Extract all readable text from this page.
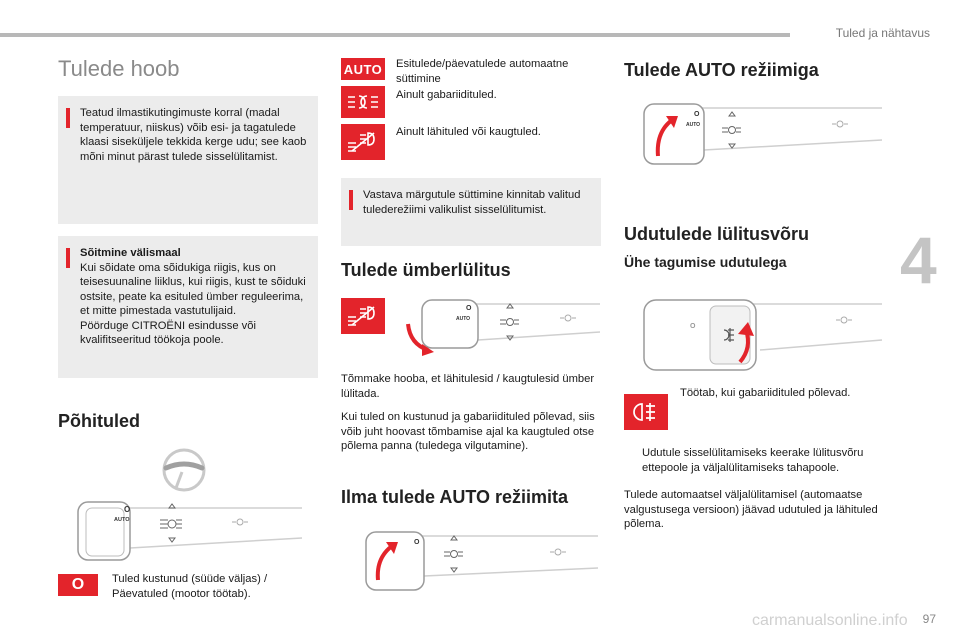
Tuled ja nähtavus
4
97
carmanualsonline.info
Tulede hoob
Teatud ilmastikutingimuste korral (madal temperatuur, niiskus) võib esi- ja tagatulede klaasi siseküljele tekkida kerge udu; see kaob mõni minut pärast tulede sisselülitamist.
Sõitmine välismaal
Kui sõidate oma sõidukiga riigis, kus on teisesuunaline liiklus, kui riigis, kust te sõiduki ostsite, peate ka esituled ümber reguleerima, et mitte pimestada vastutulijaid.
Pöörduge CITROËNI esindusse või kvalifitseeritud töökoja poole.
Põhituled
O
AUTO
O Tuled kustunud (süüde väljas) / Päevatuled (mootor töötab).
AUTO Esitulede/päevatulede automaatne süttimine
Ainult gabariidituled.
Ainult lähituled või kaugtuled.
Vastava märgutule süttimine kinnitab valitud tulederežiimi valikulist sisselülitumist.
Tulede ümberlülitus
O
AUTO
Tõmmake hooba, et lähitulesid / kaugtulesid ümber lülitada.
Kui tuled on kustunud ja gabariidituled põlevad, siis võib juht hoovast tõmbamise ajal ka kaugtuled otse põlema panna (tuledega vilgutamine).
Ilma tulede AUTO režiimita
O
Tulede AUTO režiimiga
O
AUTO
Udutulede lülitusvõru
Ühe tagumise udutulega
O
Töötab, kui gabariidituled põlevad.
Udutule sisselülitamiseks keerake lülitusvõru ettepoole ja väljalülitamiseks tahapoole.
Tulede automaatsel väljalülitamisel (automaatse valgustusega versioon) jäävad udutuled ja lähituled põlema.
